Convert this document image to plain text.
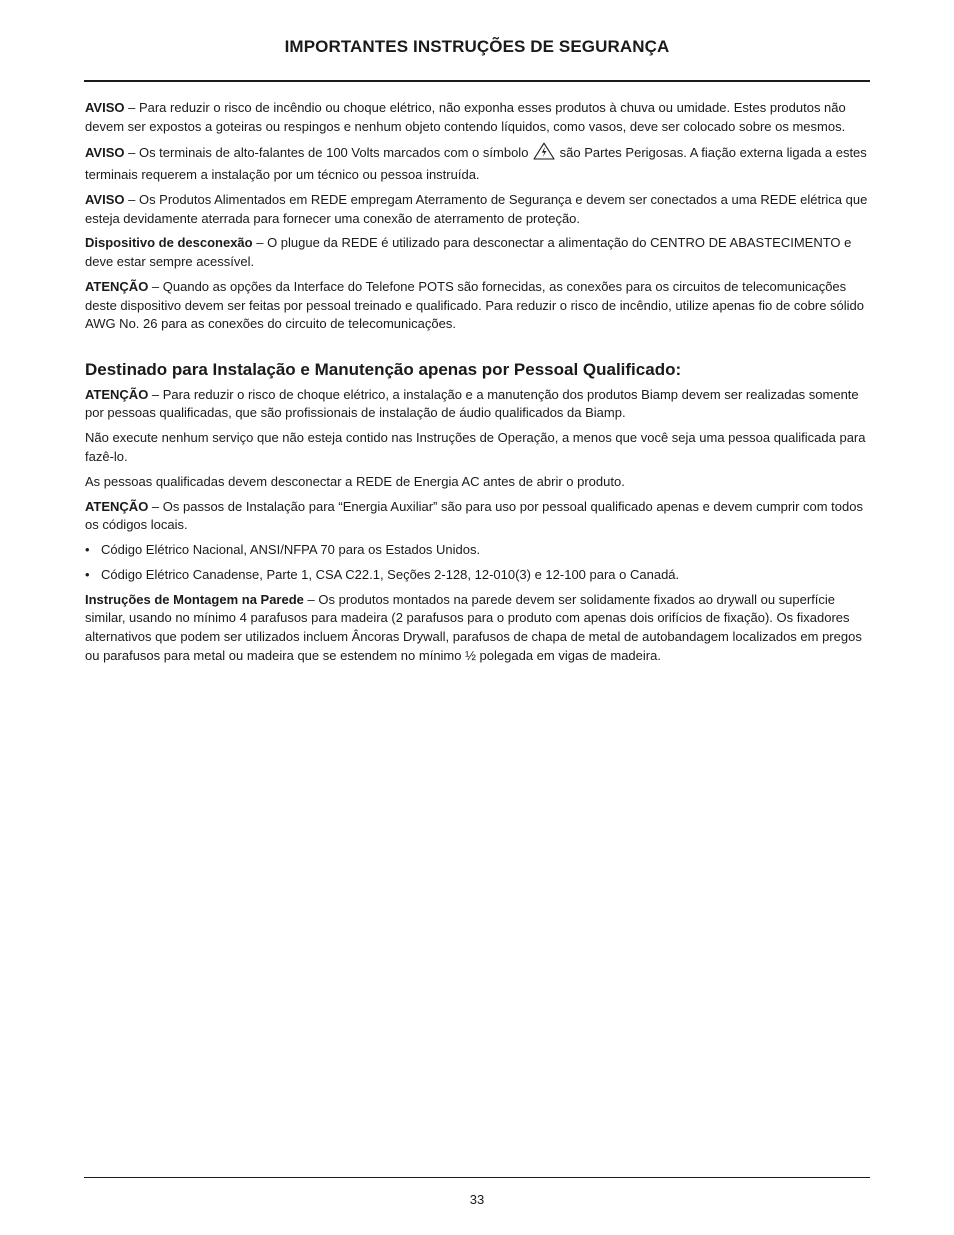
IMPORTANTES INSTRUÇÕES DE SEGURANÇA

AVISO – Para reduzir o risco de incêndio ou choque elétrico, não exponha esses produtos à chuva ou umidade. Estes produtos não devem ser expostos a goteiras ou respingos e nenhum objeto contendo líquidos, como vasos, deve ser colocado sobre os mesmos.

AVISO – Os terminais de alto-falantes de 100 Volts marcados com o símbolo  são Partes Perigosas. A fiação externa ligada a estes terminais requerem a instalação por um técnico ou pessoa instruída.

AVISO – Os Produtos Alimentados em REDE empregam Aterramento de Segurança e devem ser conectados a uma REDE elétrica que esteja devidamente aterrada para fornecer uma conexão de aterramento de proteção.

Dispositivo de desconexão – O plugue da REDE é utilizado para desconectar a alimentação do CENTRO DE ABASTECIMENTO e deve estar sempre acessível.

ATENÇÃO – Quando as opções da Interface do Telefone POTS são fornecidas, as conexões para os circuitos de telecomunicações deste dispositivo devem ser feitas por pessoal treinado e qualificado. Para reduzir o risco de incêndio, utilize apenas fio de cobre sólido AWG No. 26 para as conexões do circuito de telecomunicações.

Destinado para Instalação e Manutenção apenas por Pessoal Qualificado:

ATENÇÃO – Para reduzir o risco de choque elétrico, a instalação e a manutenção dos produtos Biamp devem ser realizadas somente por pessoas qualificadas, que são profissionais de instalação de áudio qualificados da Biamp.

Não execute nenhum serviço que não esteja contido nas Instruções de Operação, a menos que você seja uma pessoa qualificada para fazê-lo.

As pessoas qualificadas devem desconectar a REDE de Energia AC antes de abrir o produto.

ATENÇÃO – Os passos de Instalação para “Energia Auxiliar” são para uso por pessoal qualificado apenas e devem cumprir com todos os códigos locais.

• Código Elétrico Nacional, ANSI/NFPA 70 para os Estados Unidos.

• Código Elétrico Canadense, Parte 1, CSA C22.1, Seções 2-128, 12-010(3) e 12-100 para o Canadá.

Instruções de Montagem na Parede – Os produtos montados na parede devem ser solidamente fixados ao drywall ou superfície similar, usando no mínimo 4 parafusos para madeira (2 parafusos para o produto com apenas dois orifícios de fixação). Os fixadores alternativos que podem ser utilizados incluem Âncoras Drywall, parafusos de chapa de metal de autobandagem localizados em pregos ou parafusos para metal ou madeira que se estendem no mínimo ½ polegada em vigas de madeira.

33
